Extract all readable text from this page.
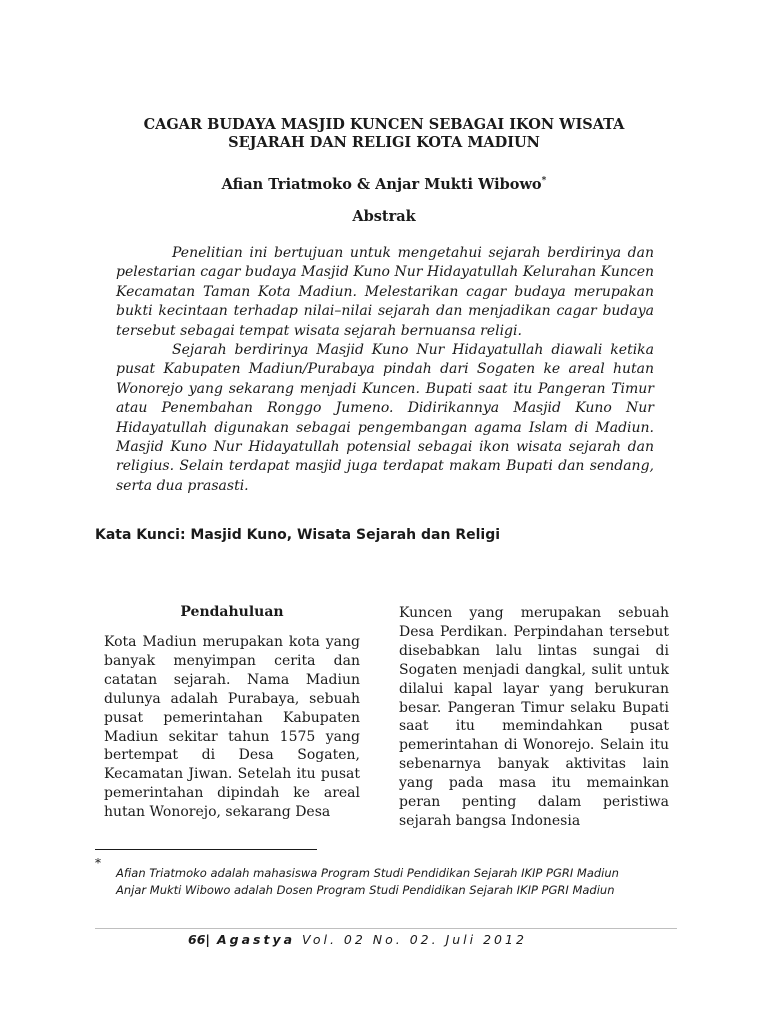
CAGAR BUDAYA MASJID KUNCEN SEBAGAI IKON WISATA
SEJARAH DAN RELIGI KOTA MADIUN
Afian Triatmoko & Anjar Mukti Wibowo*
Abstrak

Penelitian ini bertujuan untuk mengetahui sejarah berdirinya dan pelestarian cagar budaya Masjid Kuno Nur Hidayatullah Kelurahan Kuncen Kecamatan Taman Kota Madiun. Melestarikan cagar budaya merupakan bukti kecintaan terhadap nilai–nilai sejarah dan menjadikan cagar budaya tersebut sebagai tempat wisata sejarah bernuansa religi.

Sejarah berdirinya Masjid Kuno Nur Hidayatullah diawali ketika pusat Kabupaten Madiun/Purabaya pindah dari Sogaten ke areal hutan Wonorejo yang sekarang menjadi Kuncen. Bupati saat itu Pangeran Timur atau Penembahan Ronggo Jumeno. Didirikannya Masjid Kuno Nur Hidayatullah digunakan sebagai pengembangan agama Islam di Madiun. Masjid Kuno Nur Hidayatullah potensial sebagai ikon wisata sejarah dan religius. Selain terdapat masjid juga terdapat makam Bupati dan sendang, serta dua prasasti.

Kata Kunci: Masjid Kuno, Wisata Sejarah dan Religi
Pendahuluan

Kota Madiun merupakan kota yang banyak menyimpan cerita dan catatan sejarah. Nama Madiun dulunya adalah Purabaya, sebuah pusat pemerintahan Kabupaten Madiun sekitar tahun 1575 yang bertempat di Desa Sogaten, Kecamatan Jiwan. Setelah itu pusat pemerintahan dipindah ke areal hutan Wonorejo, sekarang Desa

Kuncen yang merupakan sebuah Desa Perdikan. Perpindahan tersebut disebabkan lalu lintas sungai di Sogaten menjadi dangkal, sulit untuk dilalui kapal layar yang berukuran besar. Pangeran Timur selaku Bupati saat itu memindahkan pusat pemerintahan di Wonorejo. Selain itu sebenarnya banyak aktivitas lain yang pada masa itu memainkan peran penting dalam peristiwa sejarah bangsa Indonesia

*

Afian Triatmoko adalah mahasiswa Program Studi Pendidikan Sejarah IKIP PGRI Madiun

Anjar Mukti Wibowo adalah Dosen Program Studi Pendidikan Sejarah IKIP PGRI Madiun

66| Agastya Vol. 02 No. 02. Juli 2012
